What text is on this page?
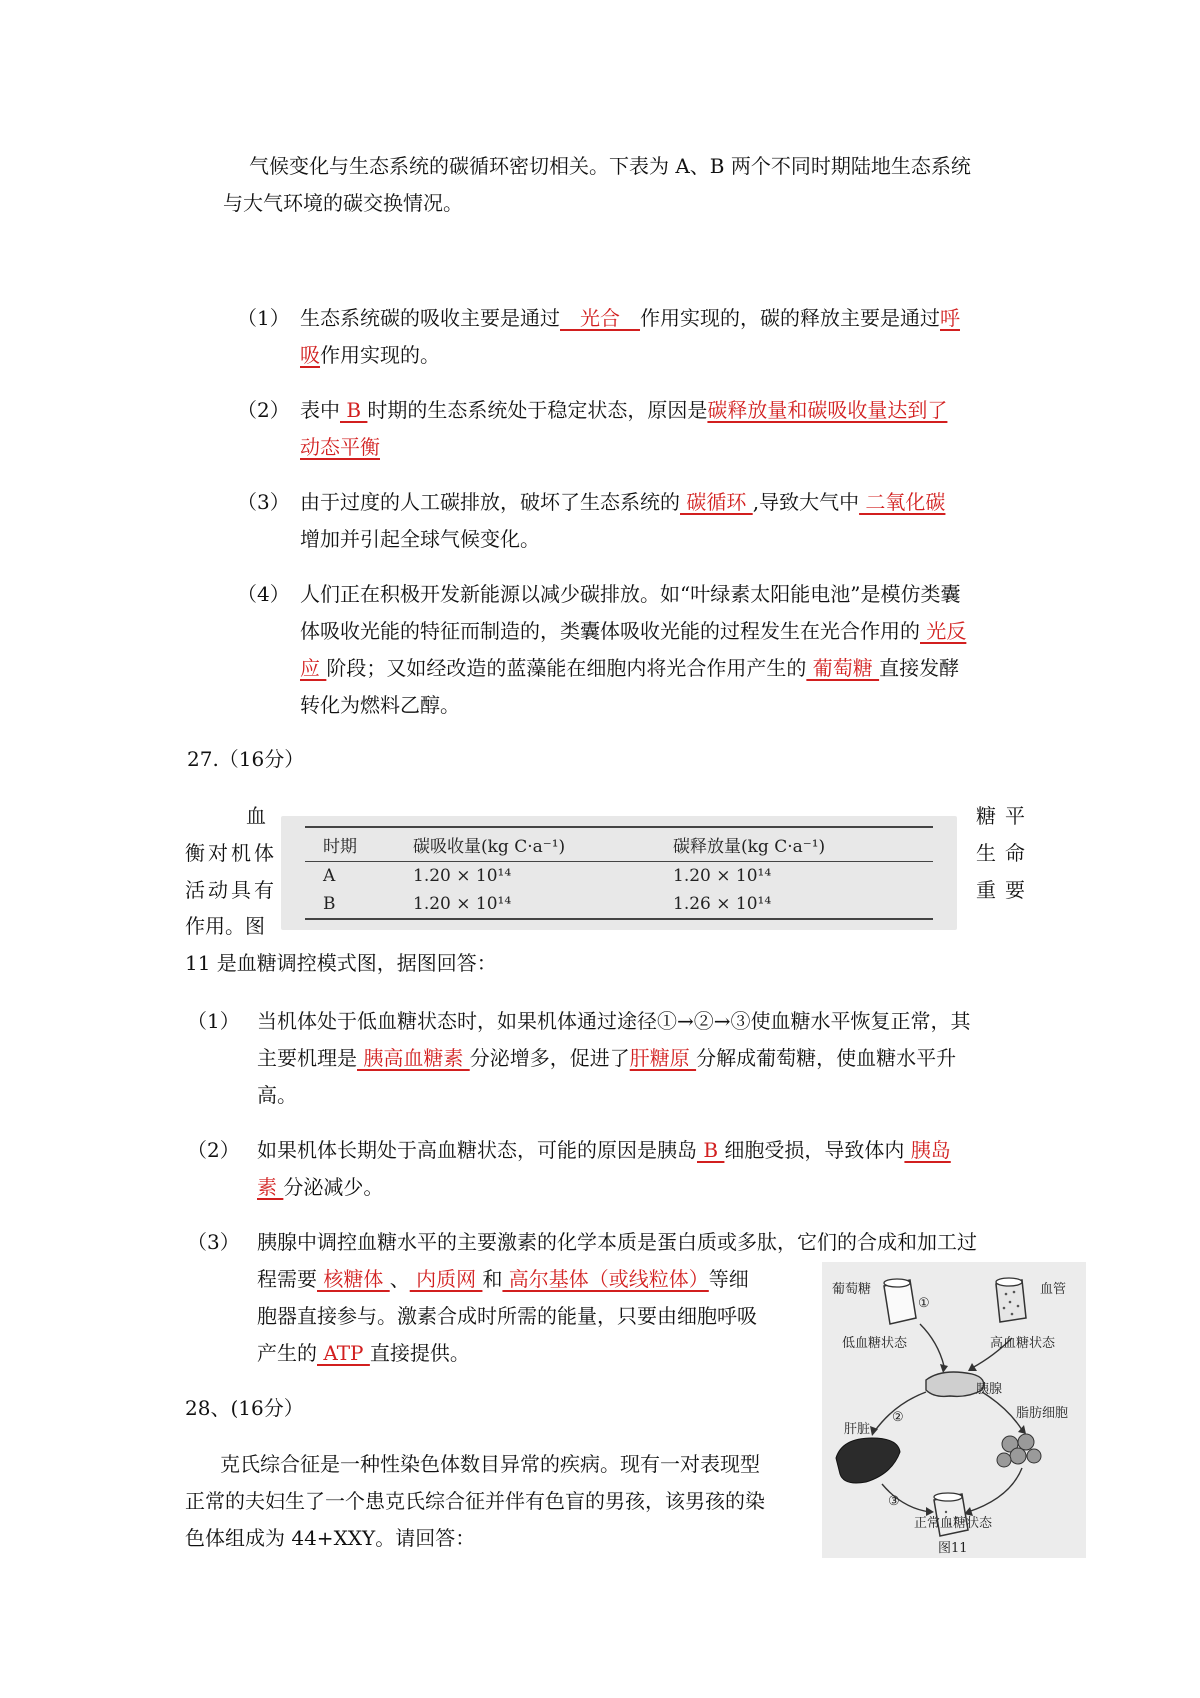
气候变化与生态系统的碳循环密切相关。下表为 A、B 两个不同时期陆地生态系统
与大气环境的碳交换情况。
（1） 生态系统碳的吸收主要是通过　光合　作用实现的，碳的释放主要是通过呼
吸作用实现的。
（2） 表中 B 时期的生态系统处于稳定状态，原因是碳释放量和碳吸收量达到了
动态平衡
（3） 由于过度的人工碳排放，破坏了生态系统的 碳循环 ,导致大气中 二氧化碳
增加并引起全球气候变化。
（4） 人们正在积极开发新能源以减少碳排放。如“叶绿素太阳能电池”是模仿类囊
体吸收光能的特征而制造的，类囊体吸收光能的过程发生在光合作用的 光反
应 阶段；又如经改造的蓝藻能在细胞内将光合作用产生的 葡萄糖 直接发酵
转化为燃料乙醇。
27.（16分）
血
衡对机体
活动具有
作用。图
糖平
生命
重要
11 是血糖调控模式图，据图回答：
时期	碳吸收量(kg C·a⁻¹)	碳释放量(kg C·a⁻¹)
A	1.20 × 10¹⁴	1.20 × 10¹⁴
B	1.20 × 10¹⁴	1.26 × 10¹⁴
（1） 当机体处于低血糖状态时，如果机体通过途径①→②→③使血糖水平恢复正常，其
主要机理是 胰高血糖素 分泌增多，促进了肝糖原 分解成葡萄糖，使血糖水平升
高。
（2） 如果机体长期处于高血糖状态，可能的原因是胰岛 B 细胞受损，导致体内 胰岛
素 分泌减少。
（3） 胰腺中调控血糖水平的主要激素的化学本质是蛋白质或多肽，它们的合成和加工过
程需要 核糖体 、 内质网 和 高尔基体（或线粒体）等细
胞器直接参与。激素合成时所需的能量，只要由细胞呼吸
产生的 ATP 直接提供。
28、(16分）
克氏综合征是一种性染色体数目异常的疾病。现有一对表现型
正常的夫妇生了一个患克氏综合征并伴有色盲的男孩，该男孩的染
色体组成为 44+XXY。请回答：
葡萄糖	血管
①
低血糖状态	高血糖状态
胰腺
脂肪细胞
②
肝脏
③
正常血糖状态
图11
